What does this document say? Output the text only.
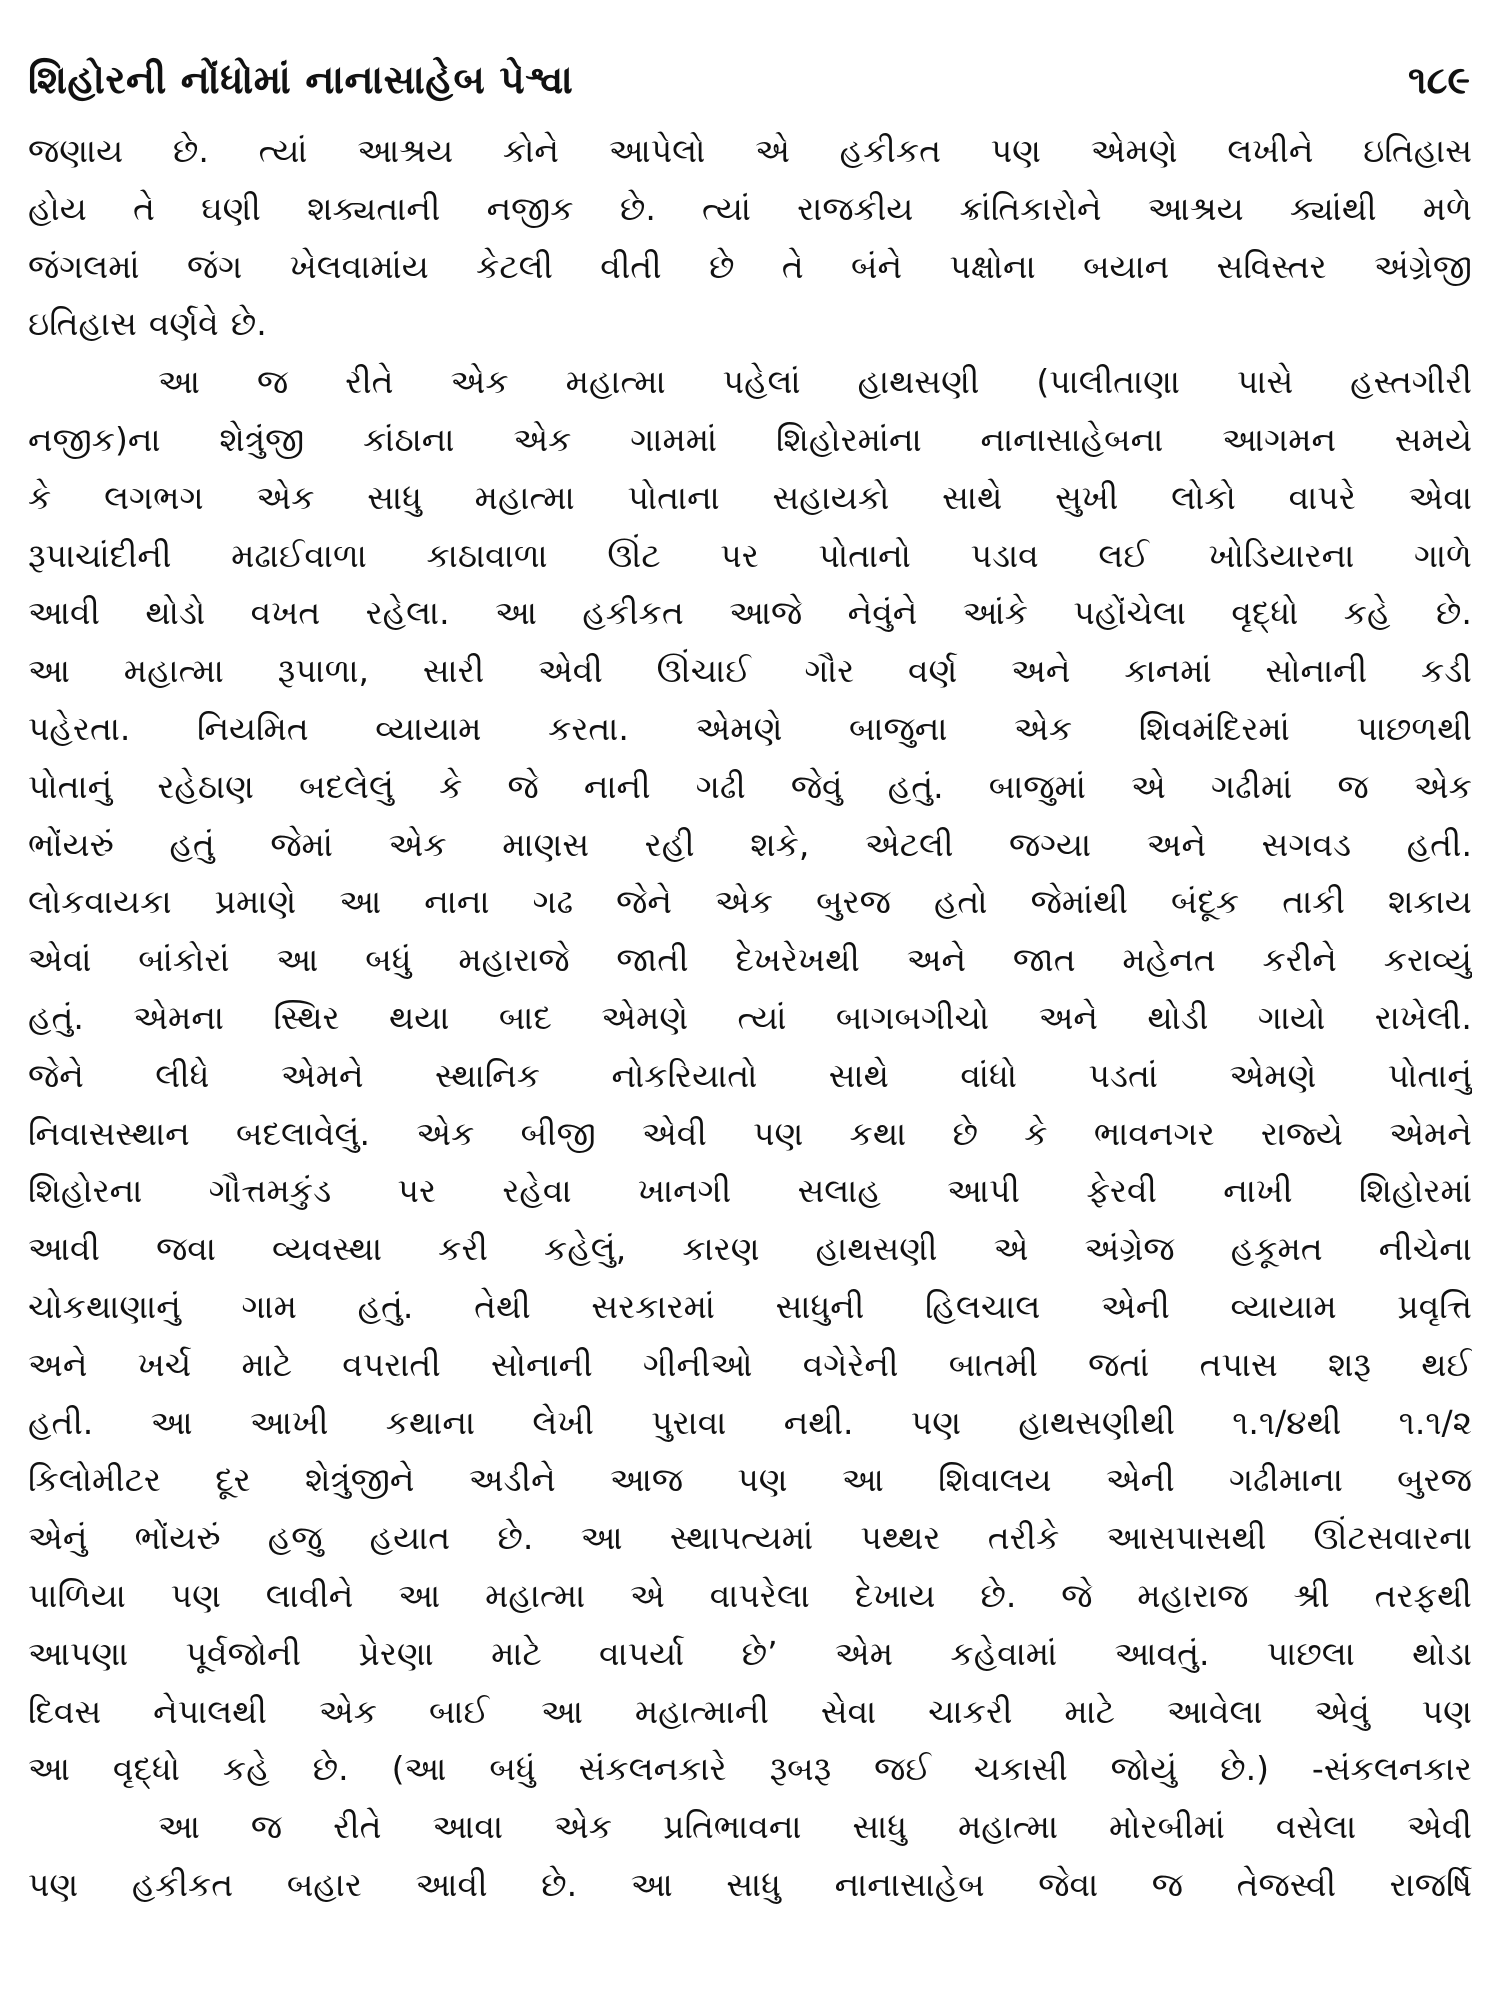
શિહોરની નોંધોમાં નાનાસાહેબ પેશ્વા	૧૮૯
જણાય છે. ત્યાં આશ્રય કોને આપેલો એ હકીકત પણ એમણે લખીને ઇતિહાસ
હોય તે ઘણી શક્યતાની નજીક છે. ત્યાં રાજકીય ક્રાંતિકારોને આશ્રય ક્યાંથી મળે
જંગલમાં જંગ ખેલવામાંય કેટલી વીતી છે તે બંને પક્ષોના બયાન સવિસ્તર અંગ્રેજી
ઇતિહાસ વર્ણવે છે.
આ જ રીતે એક મહાત્મા પહેલાં હાથસણી (પાલીતાણા પાસે હસ્તગીરી
નજીક)ના શેત્રુંજી કાંઠાના એક ગામમાં શિહોરમાંના નાનાસાહેબના આગમન સમયે
કે લગભગ એક સાધુ મહાત્મા પોતાના સહાયકો સાથે સુખી લોકો વાપરે એવા
રૂપાચાંદીની મઢાઈવાળા કાઠાવાળા ઊંટ પર પોતાનો પડાવ લઈ ખોડિયારના ગાળે
આવી થોડો વખત રહેલા. આ હકીકત આજે નેવુંને આંકે પહોંચેલા વૃદ્ધો કહે છે.
આ મહાત્મા રૂપાળા, સારી એવી ઊંચાઈ ગૌર વર્ણ અને કાનમાં સોનાની કડી
પહેરતા. નિયમિત વ્યાયામ કરતા. એમણે બાજુના એક શિવમંદિરમાં પાછળથી
પોતાનું રહેઠાણ બદલેલું કે જે નાની ગઢી જેવું હતું. બાજુમાં એ ગઢીમાં જ એક
ભોંયરું હતું જેમાં એક માણસ રહી શકે, એટલી જગ્યા અને સગવડ હતી.
લોકવાયકા પ્રમાણે આ નાના ગઢ જેને એક બુરજ હતો જેમાંથી બંદૂક તાકી શકાય
એવાં બાંકોરાં આ બધું મહારાજે જાતી દેખરેખથી અને જાત મહેનત કરીને કરાવ્યું
હતું. એમના સ્થિર થયા બાદ એમણે ત્યાં બાગબગીચો અને થોડી ગાયો રાખેલી.
જેને લીધે એમને સ્થાનિક નોકરિયાતો સાથે વાંધો પડતાં એમણે પોતાનું
નિવાસસ્થાન બદલાવેલું. એક બીજી એવી પણ કથા છે કે ભાવનગર રાજ્યે એમને
શિહોરના ગૌત્તમકુંડ પર રહેવા ખાનગી સલાહ આપી ફેરવી નાખી શિહોરમાં
આવી જવા વ્યવસ્થા કરી કહેલું, કારણ હાથસણી એ અંગ્રેજ હકૂમત નીચેના
ચોકથાણાનું ગામ હતું. તેથી સરકારમાં સાધુની હિલચાલ એની વ્યાયામ પ્રવૃત્તિ
અને ખર્ચ માટે વપરાતી સોનાની ગીનીઓ વગેરેની બાતમી જતાં તપાસ શરૂ થઈ
હતી. આ આખી કથાના લેખી પુરાવા નથી. પણ હાથસણીથી ૧.૧/૪થી ૧.૧/૨
કિલોમીટર દૂર શેત્રુંજીને અડીને આજ પણ આ શિવાલય એની ગઢીમાના બુરજ
એનું ભોંયરું હજુ હયાત છે. આ સ્થાપત્યમાં પથ્થર તરીકે આસપાસથી ઊંટસવારના
પાળિયા પણ લાવીને આ મહાત્મા એ વાપરેલા દેખાય છે. જે મહારાજ શ્રી તરફથી
આપણા પૂર્વજોની પ્રેરણા માટે વાપર્યા છે’ એમ કહેવામાં આવતું. પાછલા થોડા
દિવસ નેપાલથી એક બાઈ આ મહાત્માની સેવા ચાકરી માટે આવેલા એવું પણ
આ વૃદ્ધો કહે છે. (આ બધું સંકલનકારે રૂબરૂ જઈ ચકાસી જોયું છે.) -સંકલનકાર
આ જ રીતે આવા એક પ્રતિભાવના સાધુ મહાત્મા મોરબીમાં વસેલા એવી
પણ હકીકત બહાર આવી છે. આ સાધુ નાનાસાહેબ જેવા જ તેજસ્વી રાજર્ષિ
